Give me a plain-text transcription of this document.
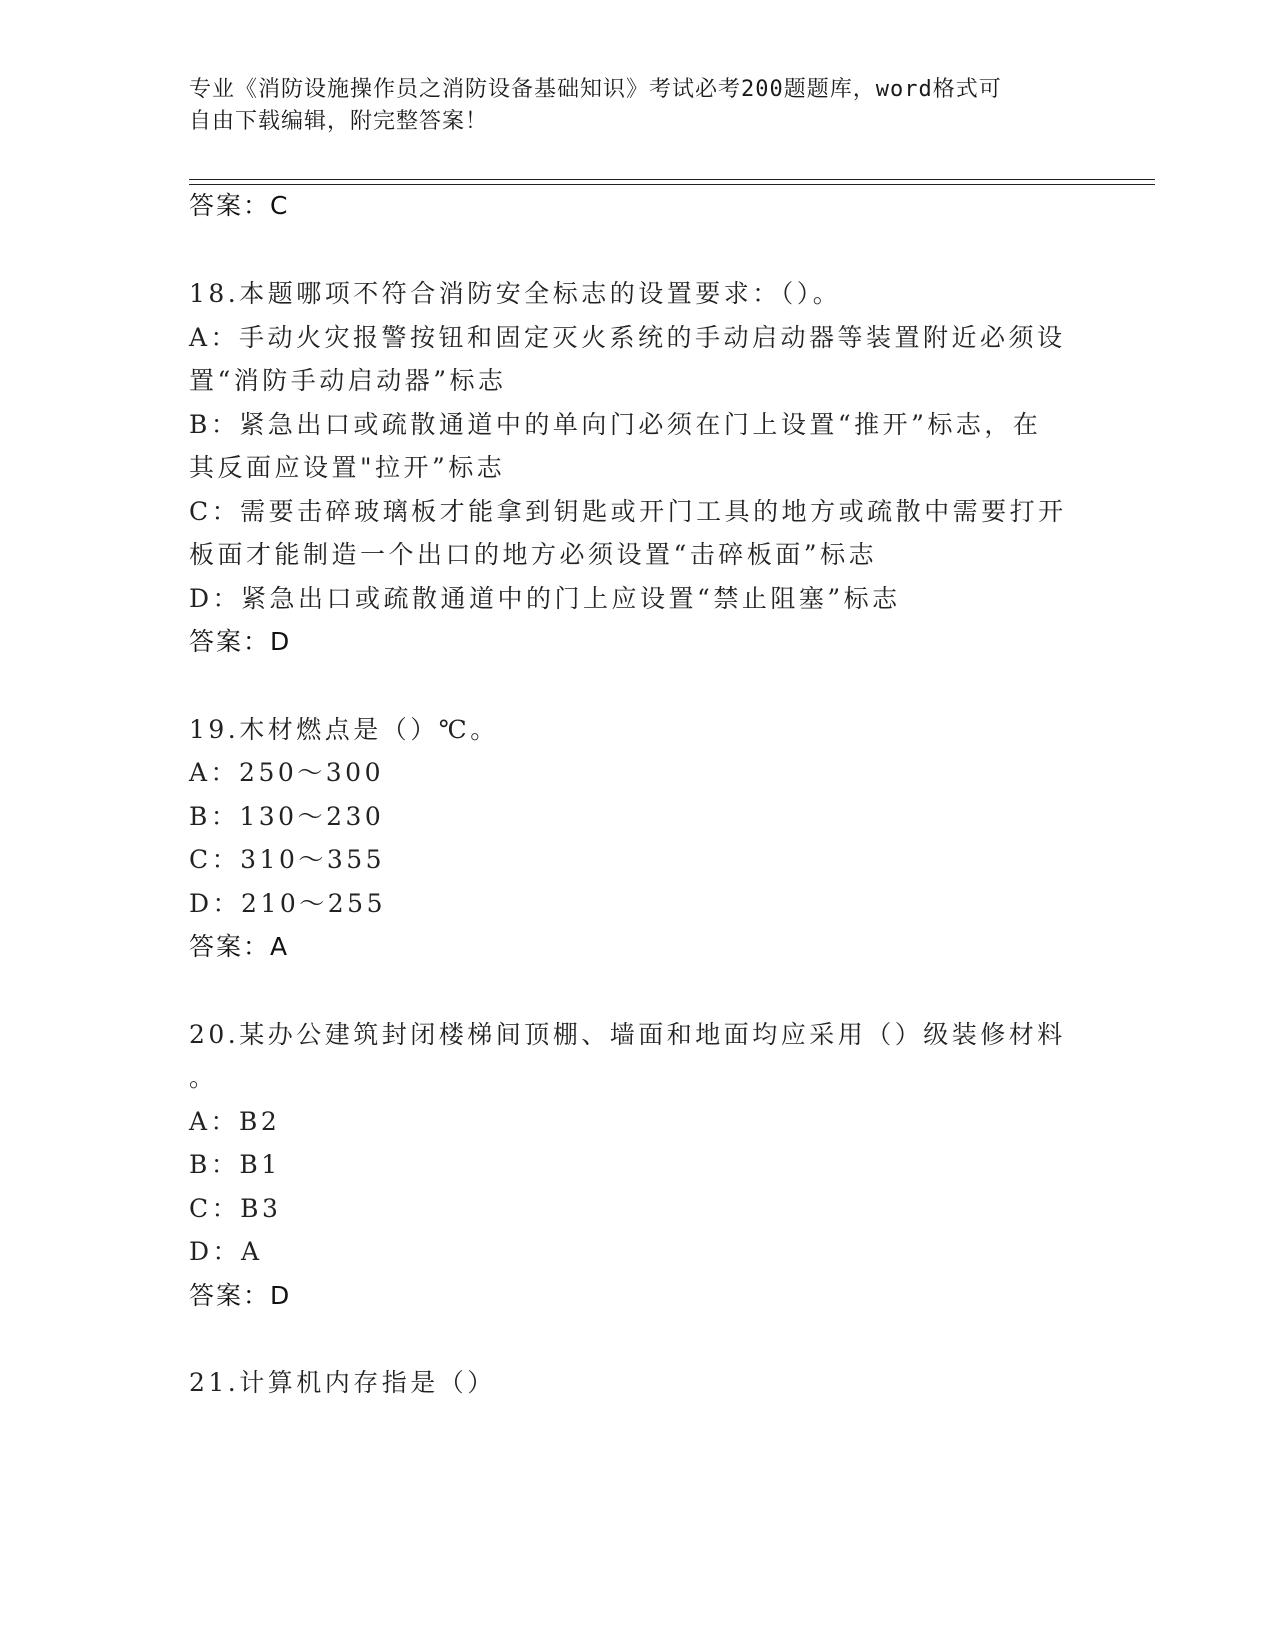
专业《消防设施操作员之消防设备基础知识》考试必考200题题库，word格式可
自由下载编辑，附完整答案！
答案：C
18.本题哪项不符合消防安全标志的设置要求：（）。
A：手动火灾报警按钮和固定灭火系统的手动启动器等装置附近必须设
置“消防手动启动器”标志
B：紧急出口或疏散通道中的单向门必须在门上设置“推开”标志，在
其反面应设置"拉开”标志
C：需要击碎玻璃板才能拿到钥匙或开门工具的地方或疏散中需要打开
板面才能制造一个出口的地方必须设置“击碎板面”标志
D：紧急出口或疏散通道中的门上应设置“禁止阻塞”标志
答案：D
19.木材燃点是（）℃。
A：250～300
B：130～230
C：310～355
D：210～255
答案：A
20.某办公建筑封闭楼梯间顶棚、墙面和地面均应采用（）级装修材料
。
A：B2
B：B1
C：B3
D：A
答案：D
21.计算机内存指是（）
